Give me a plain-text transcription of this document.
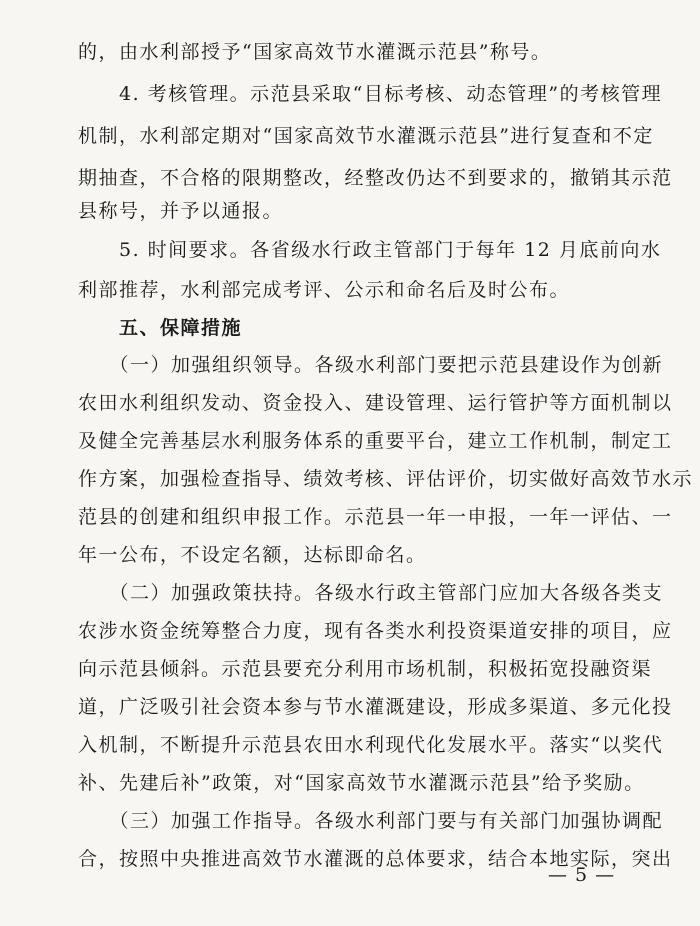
的，由水利部授予“国家高效节水灌溉示范县”称号。
　　4. 考核管理。示范县采取“目标考核、动态管理”的考核管理
机制，水利部定期对“国家高效节水灌溉示范县”进行复查和不定
期抽查，不合格的限期整改，经整改仍达不到要求的，撤销其示范
县称号，并予以通报。
　　5. 时间要求。各省级水行政主管部门于每年 12 月底前向水
利部推荐，水利部完成考评、公示和命名后及时公布。
　　五、保障措施
　　（一）加强组织领导。各级水利部门要把示范县建设作为创新
农田水利组织发动、资金投入、建设管理、运行管护等方面机制以
及健全完善基层水利服务体系的重要平台，建立工作机制，制定工
作方案，加强检查指导、绩效考核、评估评价，切实做好高效节水示
范县的创建和组织申报工作。示范县一年一申报，一年一评估、一
年一公布，不设定名额，达标即命名。
　　（二）加强政策扶持。各级水行政主管部门应加大各级各类支
农涉水资金统筹整合力度，现有各类水利投资渠道安排的项目，应
向示范县倾斜。示范县要充分利用市场机制，积极拓宽投融资渠
道，广泛吸引社会资本参与节水灌溉建设，形成多渠道、多元化投
入机制，不断提升示范县农田水利现代化发展水平。落实“以奖代
补、先建后补”政策，对“国家高效节水灌溉示范县”给予奖励。
　　（三）加强工作指导。各级水利部门要与有关部门加强协调配
合，按照中央推进高效节水灌溉的总体要求，结合本地实际，突出
— 5 —
